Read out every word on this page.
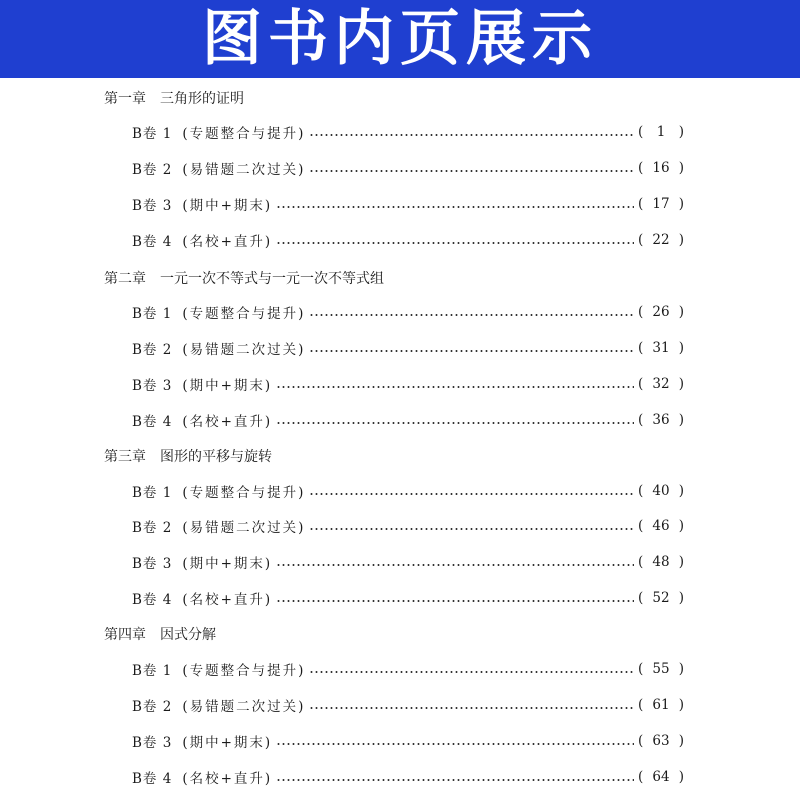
图书内页展示
第一章 三角形的证明
B卷 1 (专题整合与提升)	( 1 )
B卷 2 (易错题二次过关)	( 16 )
B卷 3 (期中+期末)	( 17 )
B卷 4 (名校+直升)	( 22 )
第二章 一元一次不等式与一元一次不等式组
B卷 1 (专题整合与提升)	( 26 )
B卷 2 (易错题二次过关)	( 31 )
B卷 3 (期中+期末)	( 32 )
B卷 4 (名校+直升)	( 36 )
第三章 图形的平移与旋转
B卷 1 (专题整合与提升)	( 40 )
B卷 2 (易错题二次过关)	( 46 )
B卷 3 (期中+期末)	( 48 )
B卷 4 (名校+直升)	( 52 )
第四章 因式分解
B卷 1 (专题整合与提升)	( 55 )
B卷 2 (易错题二次过关)	( 61 )
B卷 3 (期中+期末)	( 63 )
B卷 4 (名校+直升)	( 64 )
